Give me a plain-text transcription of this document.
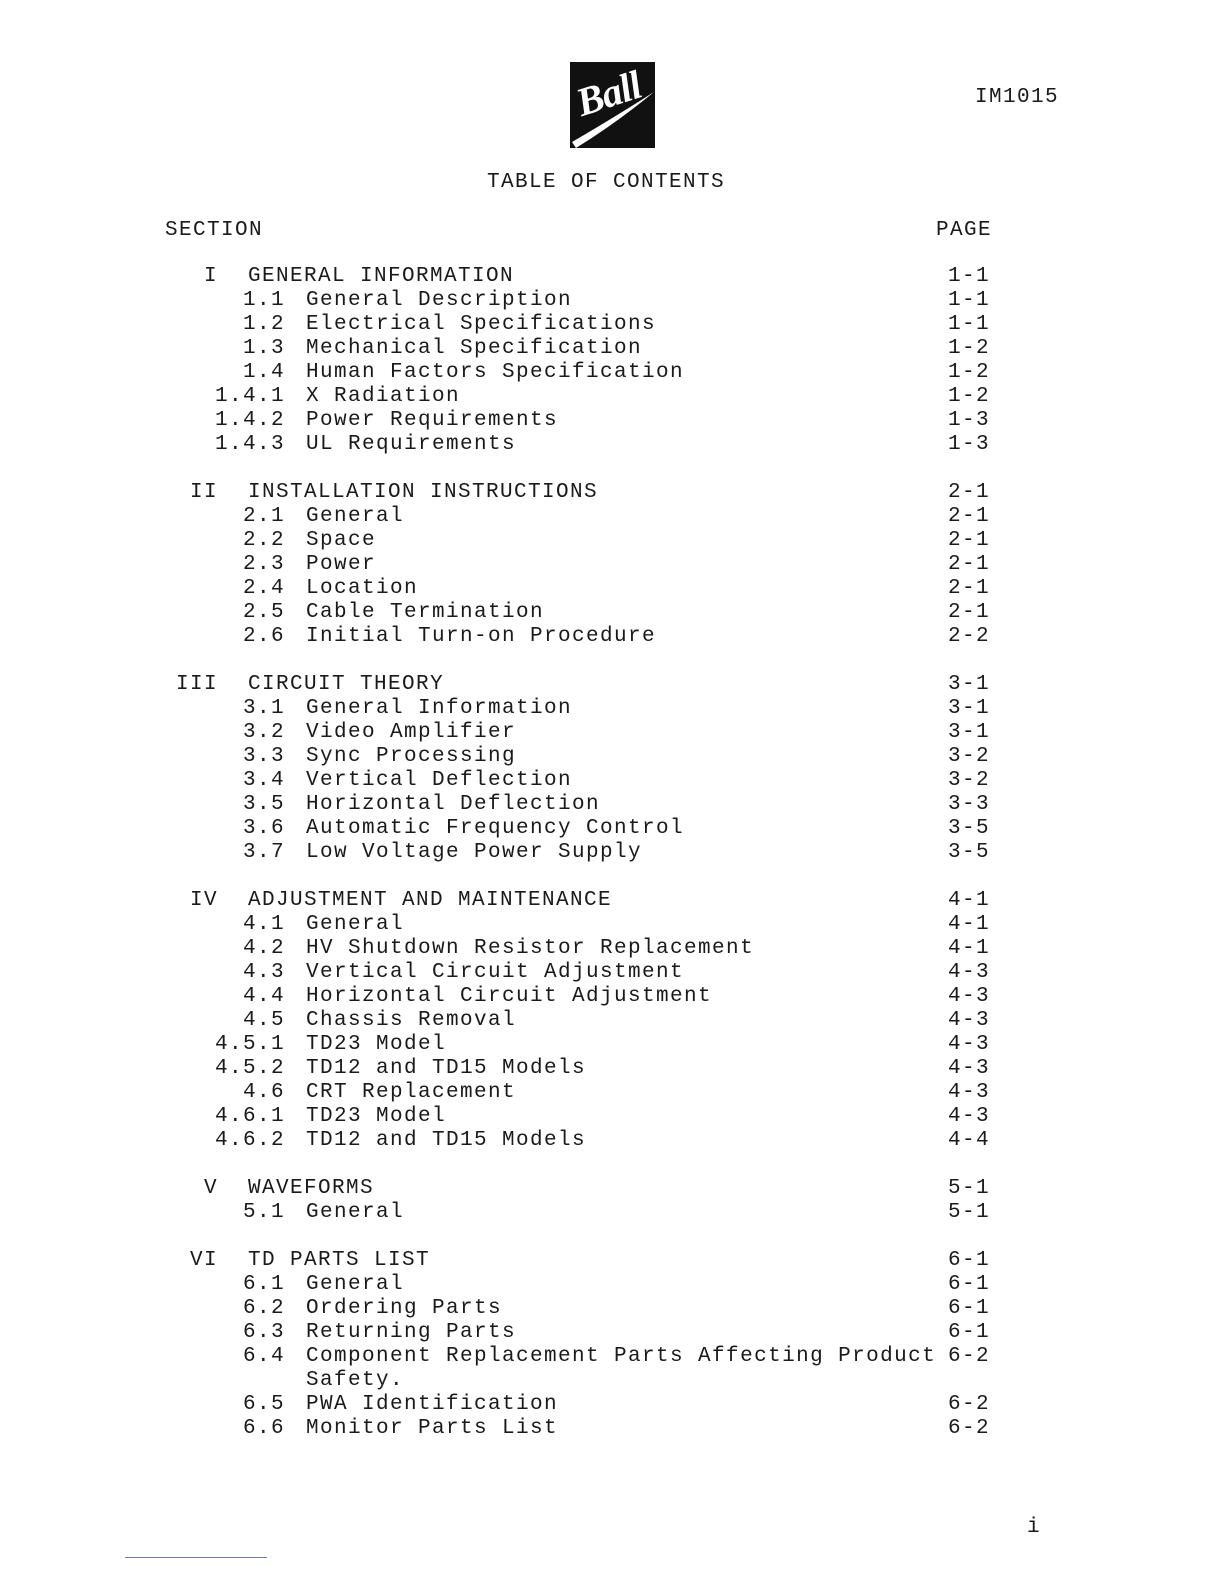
Ball	IM1015
TABLE OF CONTENTS
SECTION	PAGE
I GENERAL INFORMATION	1-1
1.1 General Description	1-1
1.2 Electrical Specifications	1-1
1.3 Mechanical Specification	1-2
1.4 Human Factors Specification	1-2
1.4.1 X Radiation	1-2
1.4.2 Power Requirements	1-3
1.4.3 UL Requirements	1-3
II INSTALLATION INSTRUCTIONS	2-1
2.1 General	2-1
2.2 Space	2-1
2.3 Power	2-1
2.4 Location	2-1
2.5 Cable Termination	2-1
2.6 Initial Turn-on Procedure	2-2
III CIRCUIT THEORY	3-1
3.1 General Information	3-1
3.2 Video Amplifier	3-1
3.3 Sync Processing	3-2
3.4 Vertical Deflection	3-2
3.5 Horizontal Deflection	3-3
3.6 Automatic Frequency Control	3-5
3.7 Low Voltage Power Supply	3-5
IV ADJUSTMENT AND MAINTENANCE	4-1
4.1 General	4-1
4.2 HV Shutdown Resistor Replacement	4-1
4.3 Vertical Circuit Adjustment	4-3
4.4 Horizontal Circuit Adjustment	4-3
4.5 Chassis Removal	4-3
4.5.1 TD23 Model	4-3
4.5.2 TD12 and TD15 Models	4-3
4.6 CRT Replacement	4-3
4.6.1 TD23 Model	4-3
4.6.2 TD12 and TD15 Models	4-4
V WAVEFORMS	5-1
5.1 General	5-1
VI TD PARTS LIST	6-1
6.1 General	6-1
6.2 Ordering Parts	6-1
6.3 Returning Parts	6-1
6.4 Component Replacement Parts Affecting Product 6-2
Safety.
6.5 PWA Identification	6-2
6.6 Monitor Parts List	6-2
i
